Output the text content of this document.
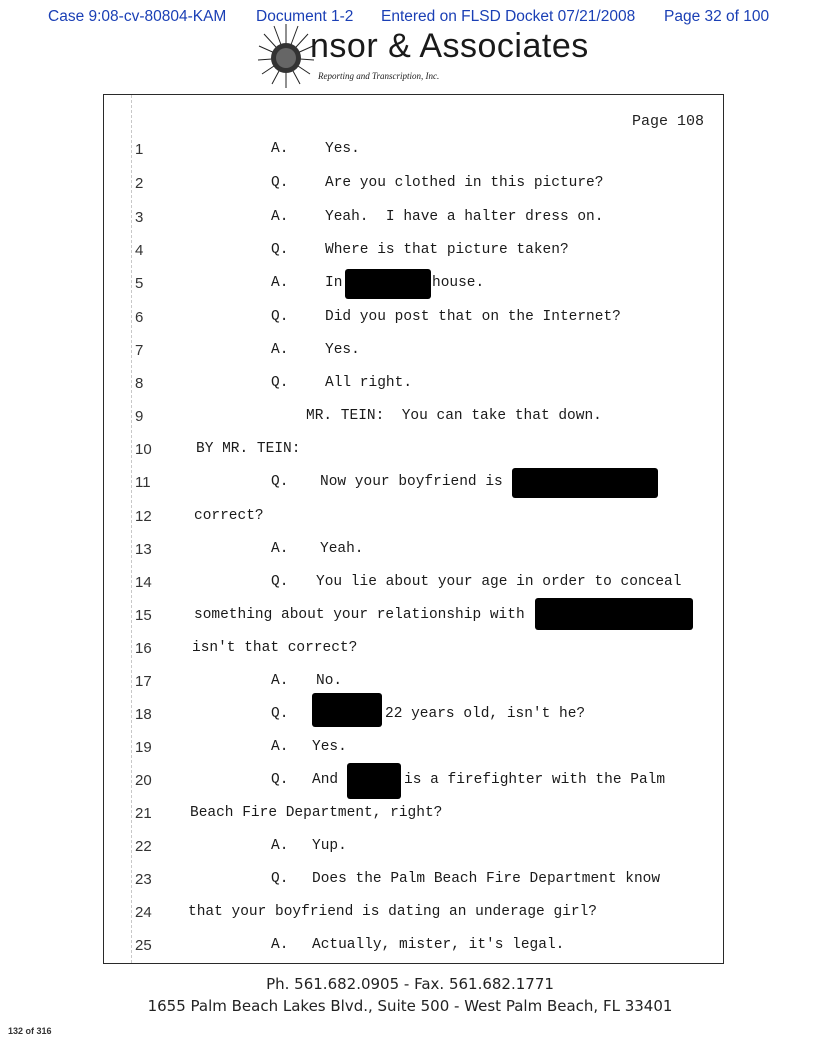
Case 9:08-cv-80804-KAM Document 1-2 Entered on FLSD Docket 07/21/2008 Page 32 of 100
nsor & Associates
Reporting and Transcription, Inc.
Page 108
1	A.	Yes.
2	Q.	Are you clothed in this picture?
3	A.	Yeah.  I have a halter dress on.
4	Q.	Where is that picture taken?
5	A.	In	house.
6	Q.	Did you post that on the Internet?
7	A.	Yes.
8	Q.	All right.
9	MR. TEIN:  You can take that down.
10	BY MR. TEIN:
11	Q. Now your boyfriend is
12	correct?
13	A. Yeah.
14	Q. You lie about your age in order to conceal
15	something about your relationship with
16	isn't that correct?
17	A. No.
18	Q.	22 years old, isn't he?
19	A. Yes.
20	Q. And	is a firefighter with the Palm
21	Beach Fire Department, right?
22	A. Yup.
23	Q. Does the Palm Beach Fire Department know
24	that your boyfriend is dating an underage girl?
25	A. Actually, mister, it's legal.
Ph. 561.682.0905 - Fax. 561.682.1771
1655 Palm Beach Lakes Blvd., Suite 500 - West Palm Beach, FL 33401
132 of 316
